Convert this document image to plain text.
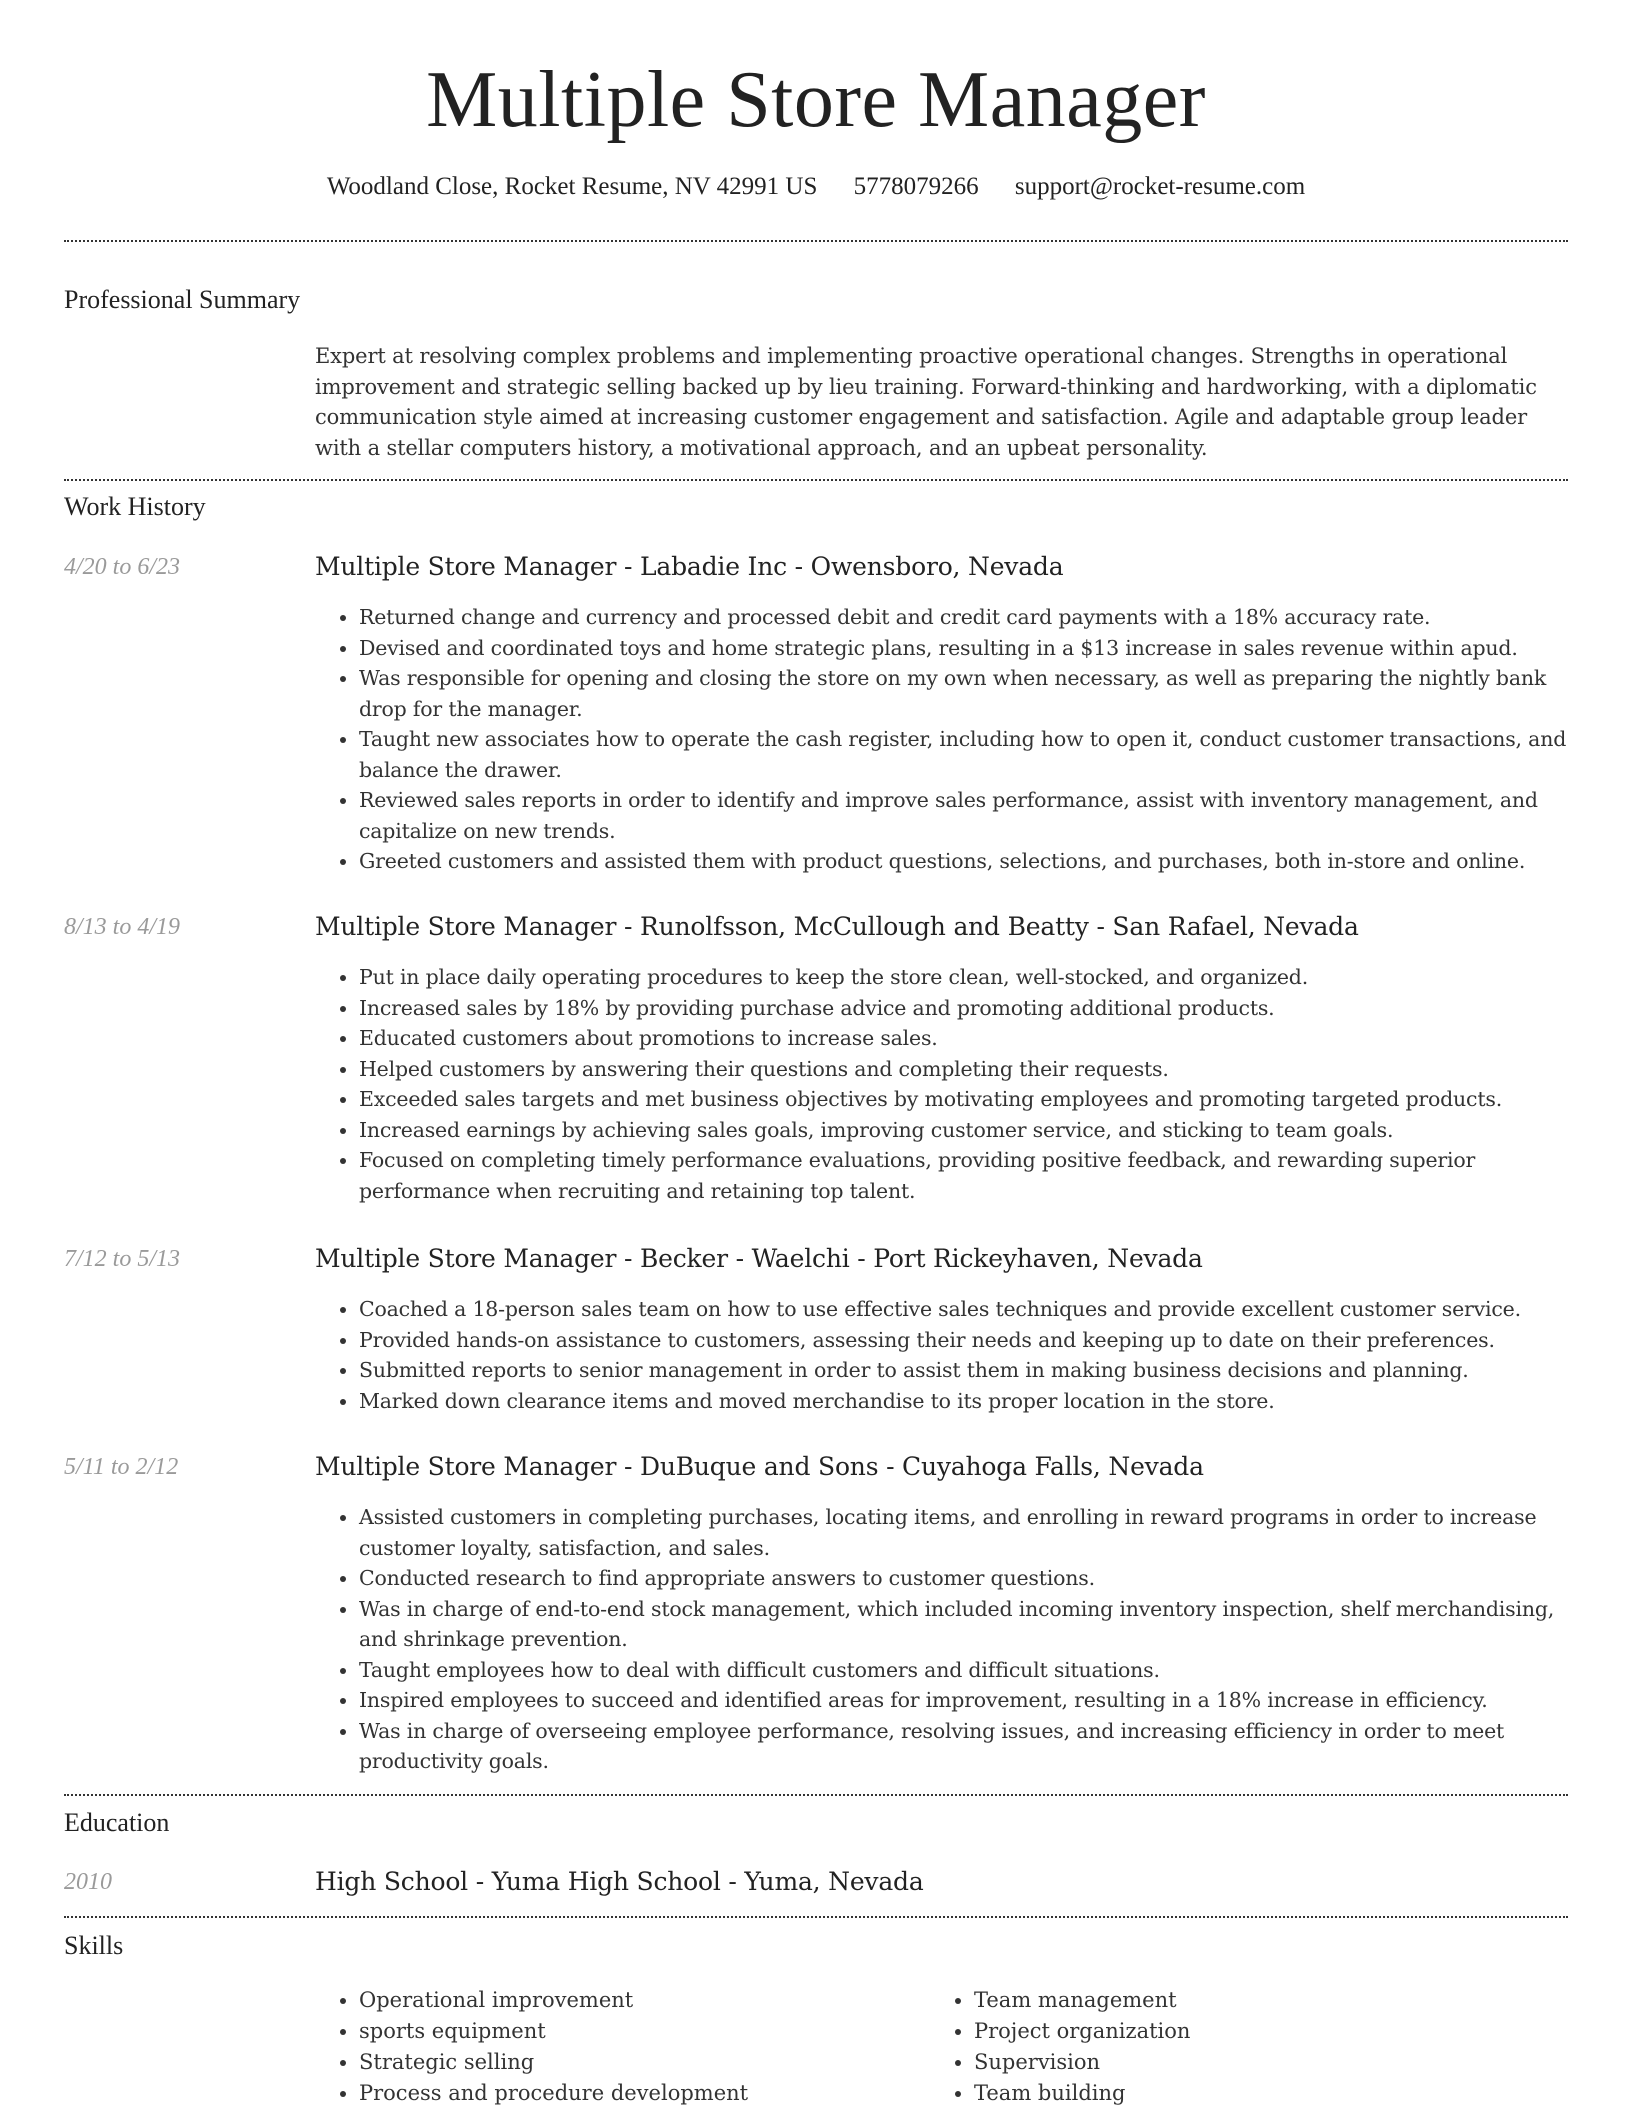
Multiple Store Manager
Woodland Close, Rocket Resume, NV 42991 US 5778079266 support@rocket-resume.com
Professional Summary

Expert at resolving complex problems and implementing proactive operational changes. Strengths in operational improvement and strategic selling backed up by lieu training. Forward-thinking and hardworking, with a diplomatic communication style aimed at increasing customer engagement and satisfaction. Agile and adaptable group leader with a stellar computers history, a motivational approach, and an upbeat personality.

Work History
4/20 to 6/23	Multiple Store Manager - Labadie Inc - Owensboro, Nevada
• Returned change and currency and processed debit and credit card payments with a 18% accuracy rate.
• Devised and coordinated toys and home strategic plans, resulting in a $13 increase in sales revenue within apud.
• Was responsible for opening and closing the store on my own when necessary, as well as preparing the nightly bank drop for the manager.
• Taught new associates how to operate the cash register, including how to open it, conduct customer transactions, and balance the drawer.
• Reviewed sales reports in order to identify and improve sales performance, assist with inventory management, and capitalize on new trends.
• Greeted customers and assisted them with product questions, selections, and purchases, both in-store and online.
8/13 to 4/19	Multiple Store Manager - Runolfsson, McCullough and Beatty - San Rafael, Nevada
• Put in place daily operating procedures to keep the store clean, well-stocked, and organized.
• Increased sales by 18% by providing purchase advice and promoting additional products.
• Educated customers about promotions to increase sales.
• Helped customers by answering their questions and completing their requests.
• Exceeded sales targets and met business objectives by motivating employees and promoting targeted products.
• Increased earnings by achieving sales goals, improving customer service, and sticking to team goals.
• Focused on completing timely performance evaluations, providing positive feedback, and rewarding superior performance when recruiting and retaining top talent.
7/12 to 5/13	Multiple Store Manager - Becker - Waelchi - Port Rickeyhaven, Nevada
• Coached a 18-person sales team on how to use effective sales techniques and provide excellent customer service.
• Provided hands-on assistance to customers, assessing their needs and keeping up to date on their preferences.
• Submitted reports to senior management in order to assist them in making business decisions and planning.
• Marked down clearance items and moved merchandise to its proper location in the store.
5/11 to 2/12	Multiple Store Manager - DuBuque and Sons - Cuyahoga Falls, Nevada
• Assisted customers in completing purchases, locating items, and enrolling in reward programs in order to increase customer loyalty, satisfaction, and sales.
• Conducted research to find appropriate answers to customer questions.
• Was in charge of end-to-end stock management, which included incoming inventory inspection, shelf merchandising, and shrinkage prevention.
• Taught employees how to deal with difficult customers and difficult situations.
• Inspired employees to succeed and identified areas for improvement, resulting in a 18% increase in efficiency.
• Was in charge of overseeing employee performance, resolving issues, and increasing efficiency in order to meet productivity goals.
Education
2010	High School - Yuma High School - Yuma, Nevada
Skills
• Operational improvement
• sports equipment
• Strategic selling
• Process and procedure development
• Team management
• Project organization
• Supervision
• Team building
